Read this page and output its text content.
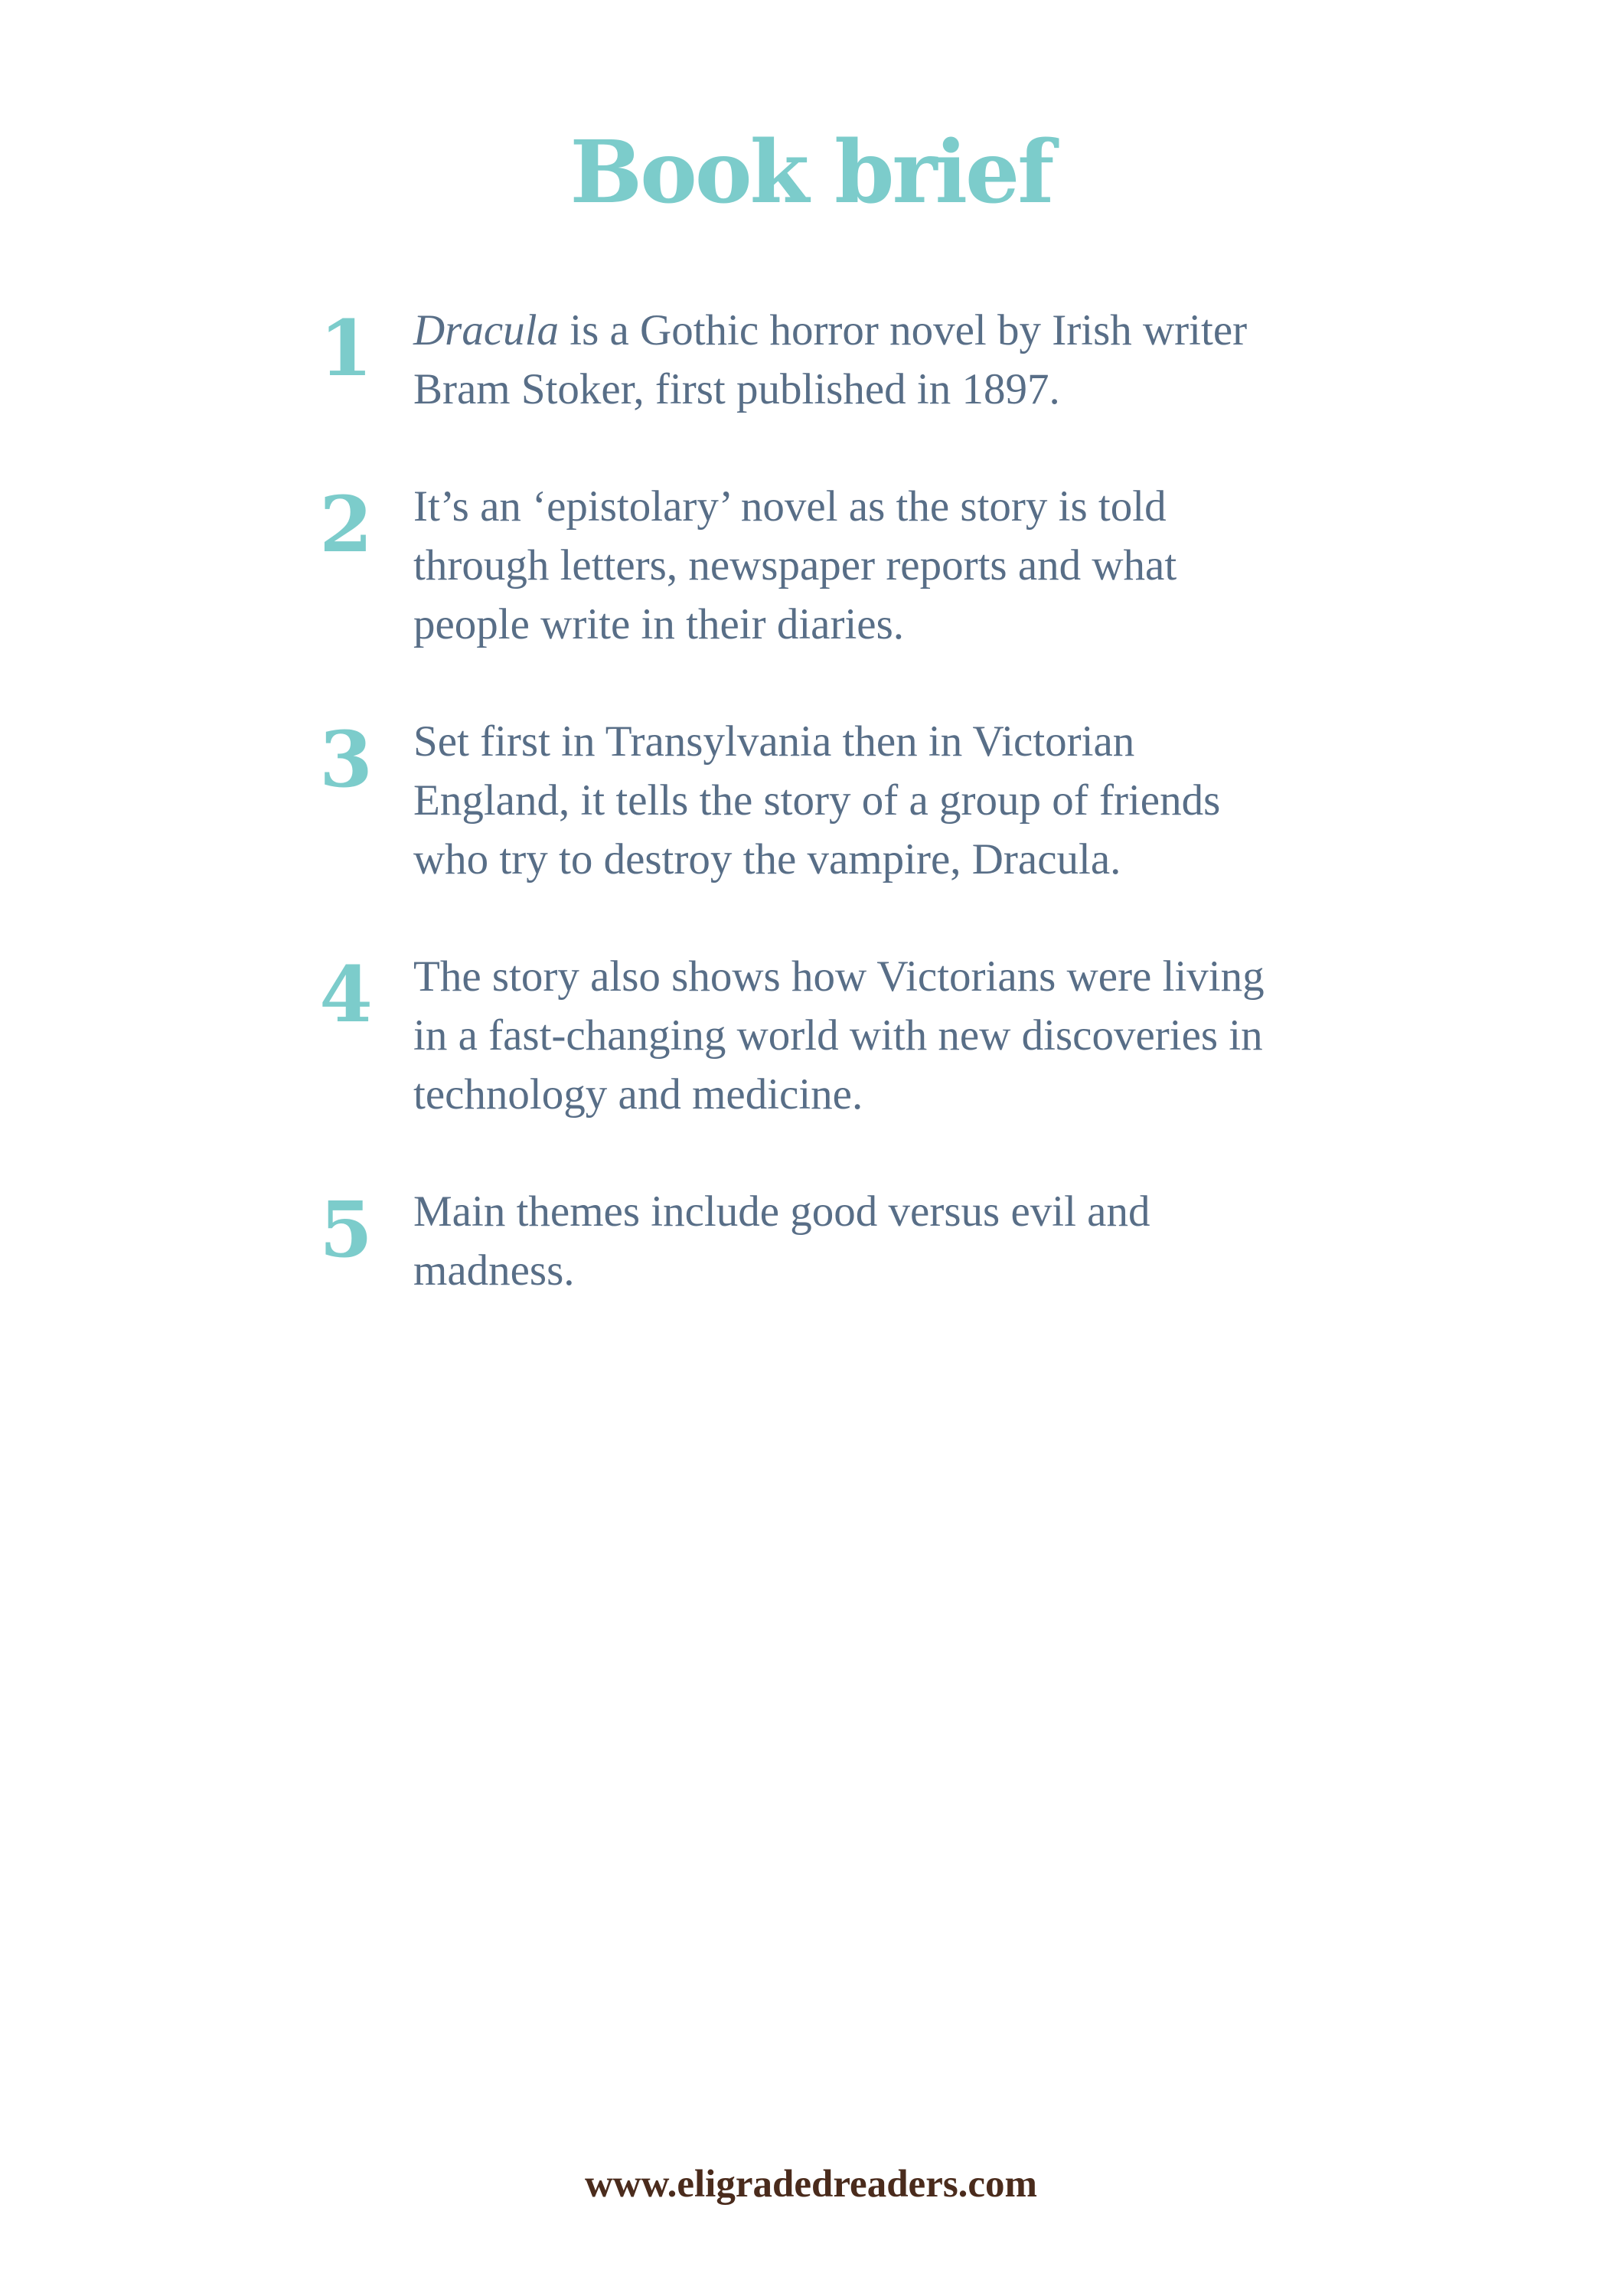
Book brief
1 Dracula is a Gothic horror novel by Irish writer Bram Stoker, first published in 1897.

2 It’s an ‘epistolary’ novel as the story is told through letters, newspaper reports and what people write in their diaries.

3 Set first in Transylvania then in Victorian England, it tells the story of a group of friends who try to destroy the vampire, Dracula.

4 The story also shows how Victorians were living in a fast-changing world with new discoveries in technology and medicine.

5 Main themes include good versus evil and madness.

www.eligradedreaders.com
